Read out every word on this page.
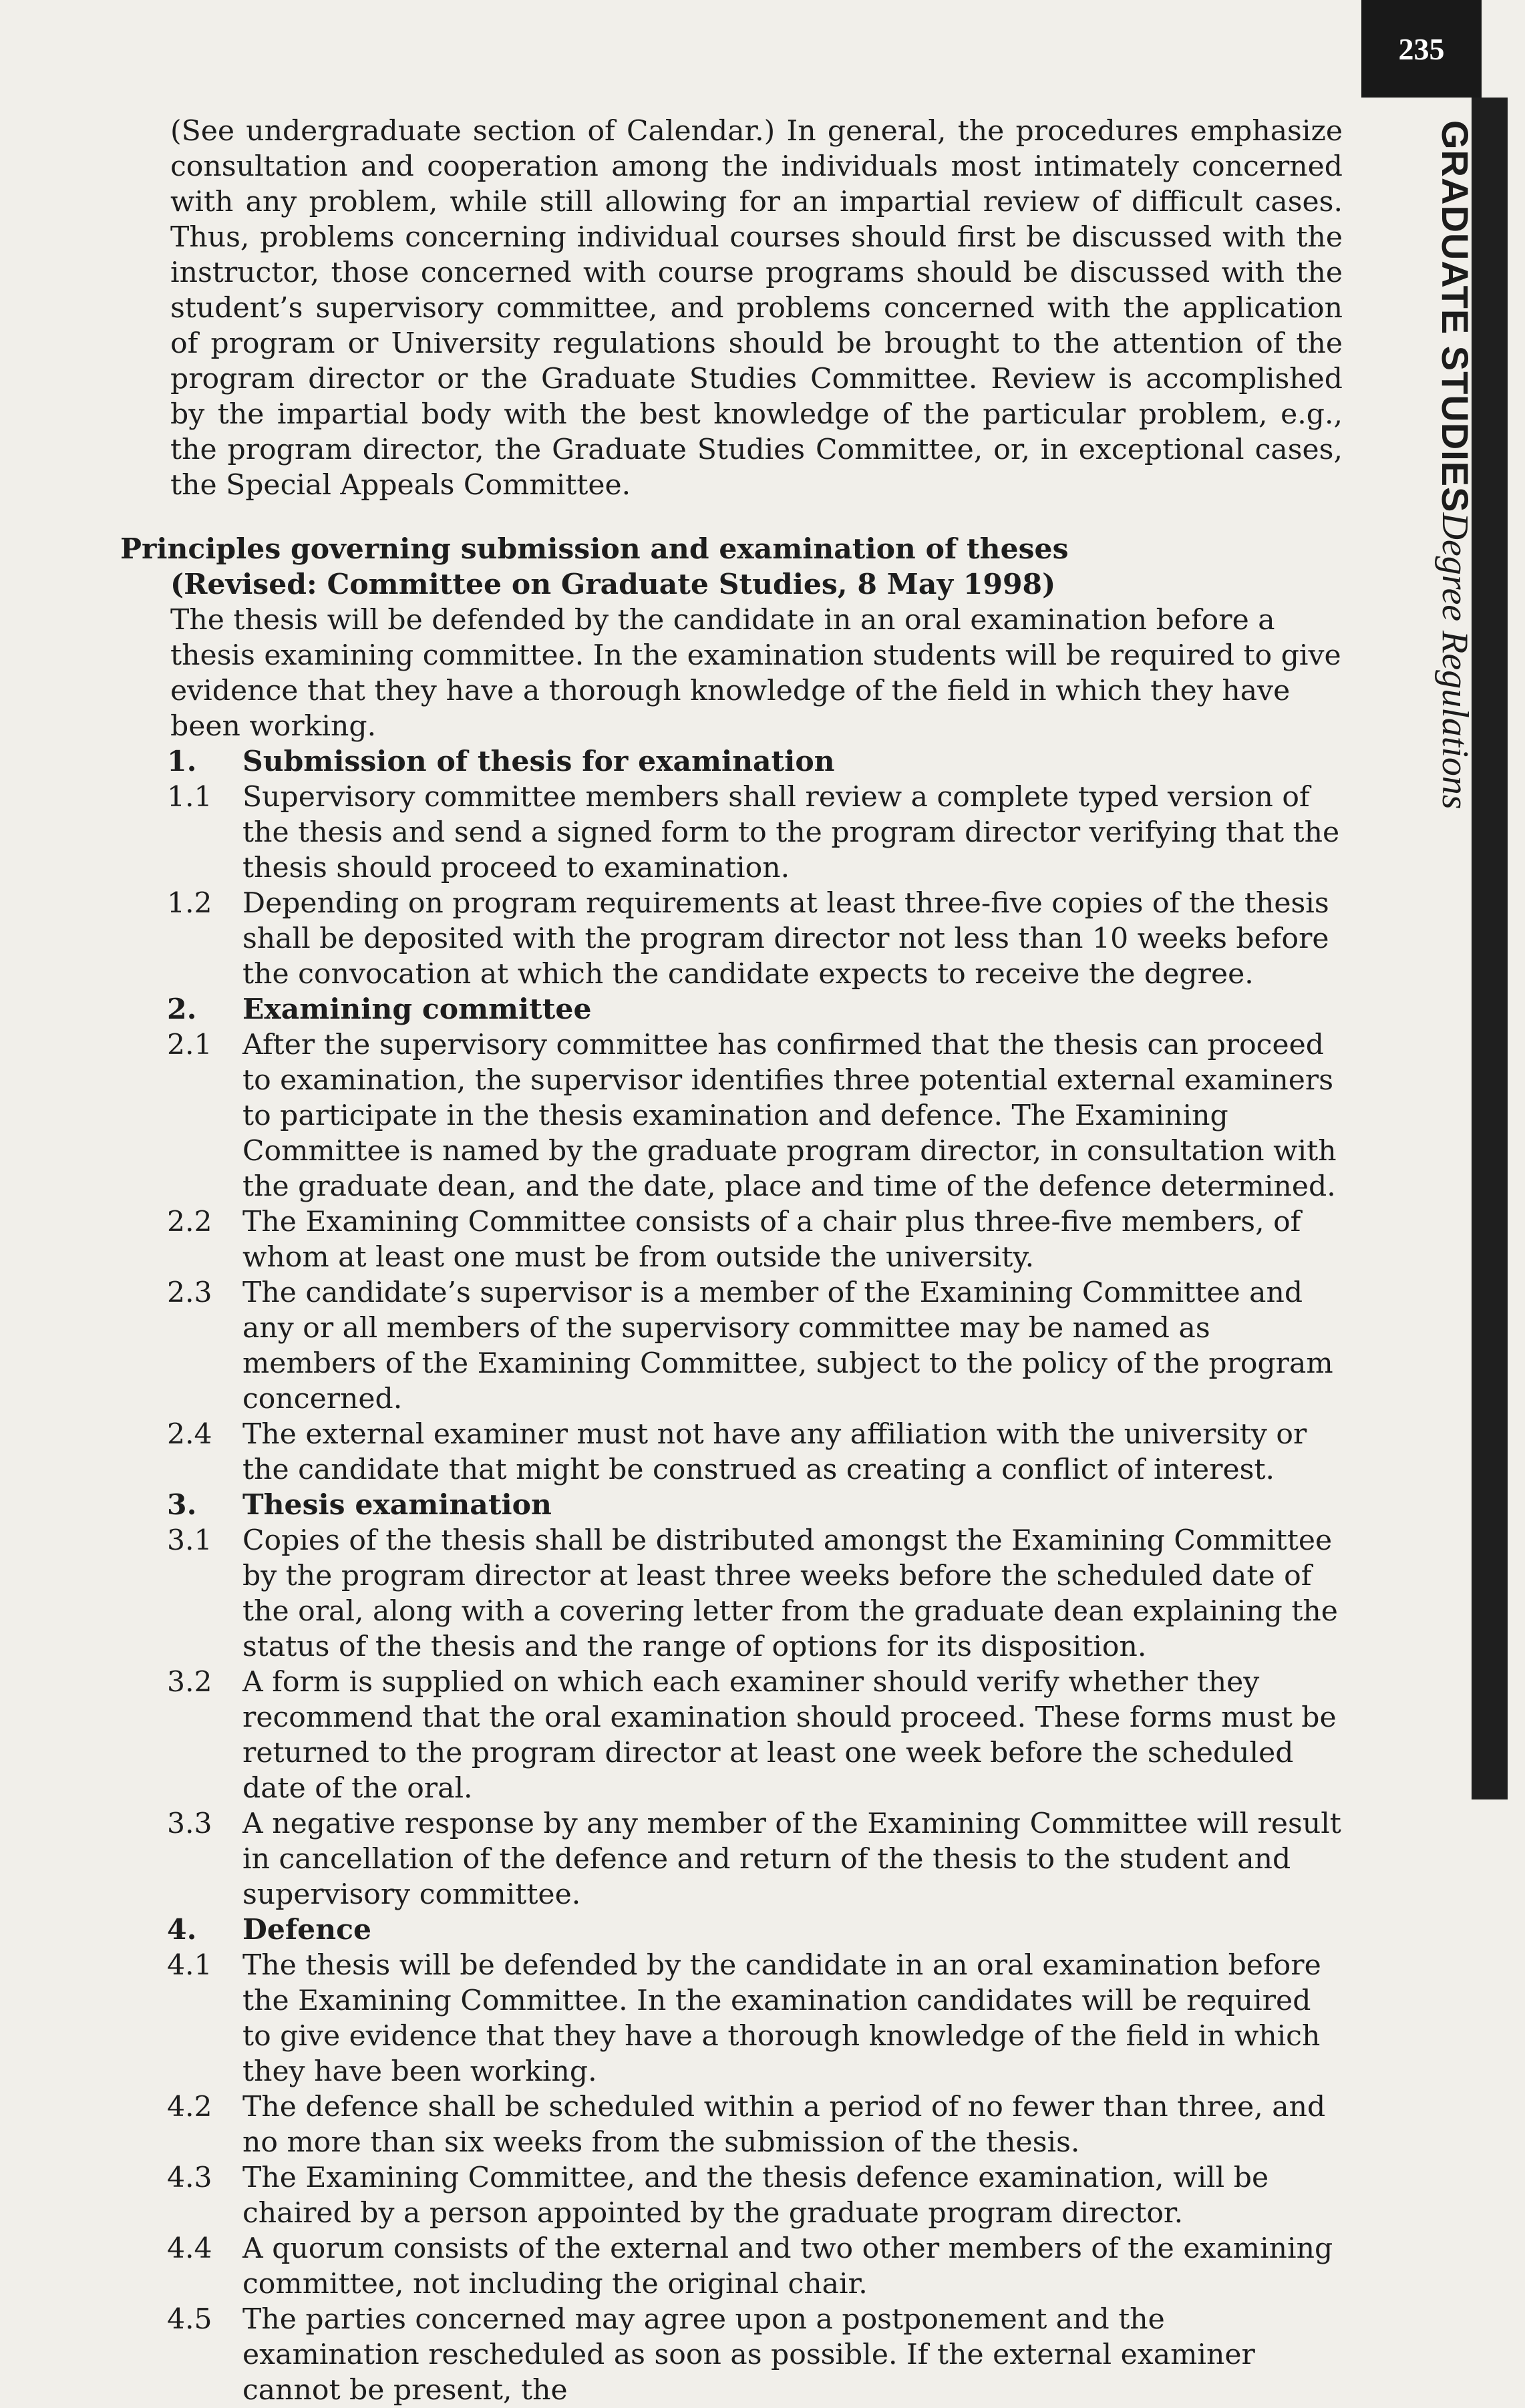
235
GRADUATE STUDIESDegree Regulations

(See undergraduate section of Calendar.) In general, the procedures emphasize consultation and cooperation among the individuals most intimately concerned with any problem, while still allowing for an impartial review of difficult cases. Thus, problems concerning individual courses should first be discussed with the instructor, those concerned with course programs should be discussed with the student’s supervisory committee, and problems concerned with the application of program or University regulations should be brought to the attention of the program director or the Graduate Studies Committee. Review is accomplished by the impartial body with the best knowledge of the particular problem, e.g., the program director, the Graduate Studies Committee, or, in exceptional cases, the Special Appeals Committee.

Principles governing submission and examination of theses

(Revised: Committee on Graduate Studies, 8 May 1998)

The thesis will be defended by the candidate in an oral examination before a thesis examining committee. In the examination students will be required to give evidence that they have a thorough knowledge of the field in which they have been working.

1.	Submission of thesis for examination
1.1	Supervisory committee members shall review a complete typed version of the thesis and send a signed form to the program director verifying that the thesis should proceed to examination.
1.2	Depending on program requirements at least three-five copies of the thesis shall be deposited with the program director not less than 10 weeks before the convocation at which the candidate expects to receive the degree.
2.	Examining committee
2.1	After the supervisory committee has confirmed that the thesis can proceed to examination, the supervisor identifies three potential external examiners to participate in the thesis examination and defence. The Examining Committee is named by the graduate program director, in consultation with the graduate dean, and the date, place and time of the defence determined.
2.2	The Examining Committee consists of a chair plus three-five members, of whom at least one must be from outside the university.
2.3	The candidate’s supervisor is a member of the Examining Committee and any or all members of the supervisory committee may be named as members of the Examining Committee, subject to the policy of the program concerned.
2.4	The external examiner must not have any affiliation with the university or the candidate that might be construed as creating a conflict of interest.
3.	Thesis examination
3.1	Copies of the thesis shall be distributed amongst the Examining Committee by the program director at least three weeks before the scheduled date of the oral, along with a covering letter from the graduate dean explaining the status of the thesis and the range of options for its disposition.
3.2	A form is supplied on which each examiner should verify whether they recommend that the oral examination should proceed. These forms must be returned to the program director at least one week before the scheduled date of the oral.
3.3	A negative response by any member of the Examining Committee will result in cancellation of the defence and return of the thesis to the student and supervisory committee.
4.	Defence
4.1	The thesis will be defended by the candidate in an oral examination before the Examining Committee. In the examination candidates will be required to give evidence that they have a thorough knowledge of the field in which they have been working.
4.2	The defence shall be scheduled within a period of no fewer than three, and no more than six weeks from the submission of the thesis.
4.3	The Examining Committee, and the thesis defence examination, will be chaired by a person appointed by the graduate program director.
4.4	A quorum consists of the external and two other members of the examining committee, not including the original chair.
4.5	The parties concerned may agree upon a postponement and the examination rescheduled as soon as possible. If the external examiner cannot be present, the
